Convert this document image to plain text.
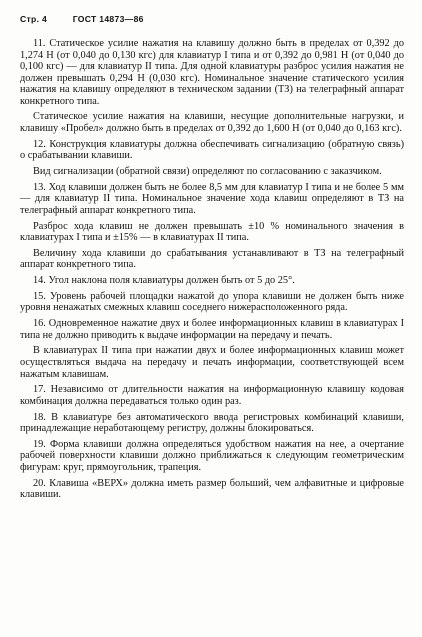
Стр. 4	ГОСТ 14873—86

11. Статическое усилие нажатия на клавишу должно быть в пределах от 0,392 до 1,274 Н (от 0,040 до 0,130 кгс) для клавиатур I типа и от 0,392 до 0,981 Н (от 0,040 до 0,100 кгс) — для клавиатур II типа. Для одной клавиатуры разброс усилия нажатия не должен превышать 0,294 Н (0,030 кгс). Номинальное значение статического усилия нажатия на клавишу определяют в техническом задании (ТЗ) на телеграфный аппарат конкретного типа.

Статическое усилие нажатия на клавиши, несущие дополнительные нагрузки, и клавишу «Пробел» должно быть в пределах от 0,392 до 1,600 Н (от 0,040 до 0,163 кгс).

12. Конструкция клавиатуры должна обеспечивать сигнализацию (обратную связь) о срабатывании клавиши.

Вид сигнализации (обратной связи) определяют по согласованию с заказчиком.

13. Ход клавиши должен быть не более 8,5 мм для клавиатур I типа и не более 5 мм — для клавиатур II типа. Номинальное значение хода клавиш определяют в ТЗ на телеграфный аппарат конкретного типа.

Разброс хода клавиш не должен превышать ±10 % номинального значения в клавиатурах I типа и ±15% — в клавиатурах II типа.

Величину хода клавиши до срабатывания устанавливают в ТЗ на телеграфный аппарат конкретного типа.

14. Угол наклона поля клавиатуры должен быть от 5 до 25°.

15. Уровень рабочей площадки нажатой до упора клавиши не должен быть ниже уровня ненажатых смежных клавиш соседнего нижерасположенного ряда.

16. Одновременное нажатие двух и более информационных клавиш в клавиатурах I типа не должно приводить к выдаче информации на передачу и печать.

В клавиатурах II типа при нажатии двух и более информационных клавиш может осуществляться выдача на передачу и печать информации, соответствующей всем нажатым клавишам.

17. Независимо от длительности нажатия на информационную клавишу кодовая комбинация должна передаваться только один раз.

18. В клавиатуре без автоматического ввода регистровых комбинаций клавиши, принадлежащие неработающему регистру, должны блокироваться.

19. Форма клавиши должна определяться удобством нажатия на нее, а очертание рабочей поверхности клавиши должно приближаться к следующим геометрическим фигурам: круг, прямоугольник, трапеция.

20. Клавиша «ВЕРХ» должна иметь размер больший, чем алфавитные и цифровые клавиши.
